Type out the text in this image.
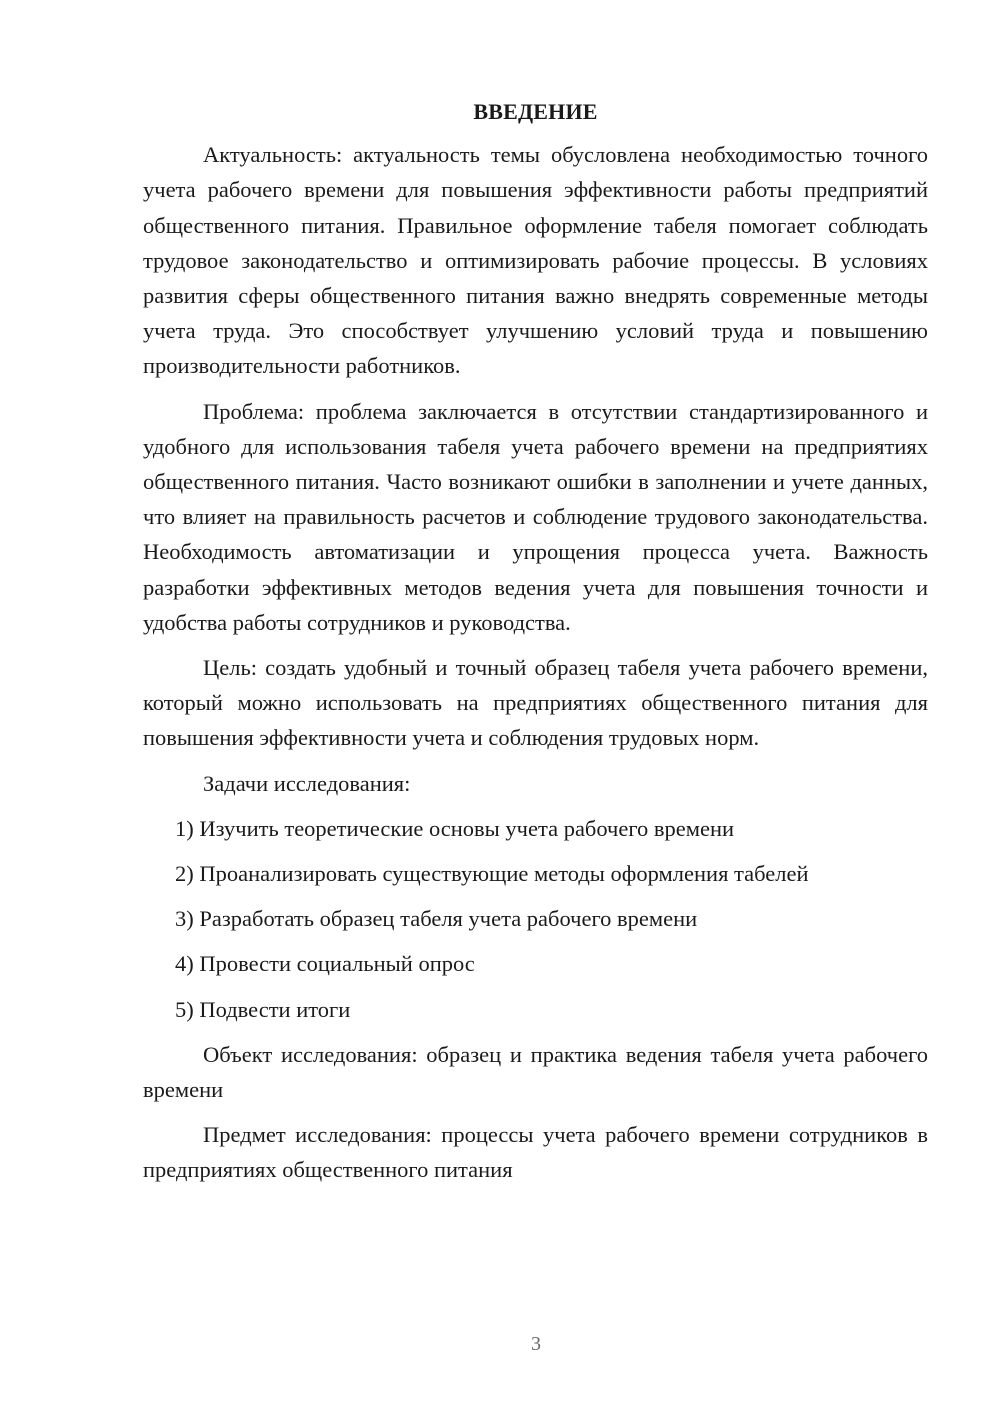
ВВЕДЕНИЕ

Актуальность: актуальность темы обусловлена необходимостью точного учета рабочего времени для повышения эффективности работы предприятий общественного питания. Правильное оформление табеля помогает соблюдать трудовое законодательство и оптимизировать рабочие процессы. В условиях развития сферы общественного питания важно внедрять современные методы учета труда. Это способствует улучшению условий труда и повышению производительности работников.

Проблема: проблема заключается в отсутствии стандартизированного и удобного для использования табеля учета рабочего времени на предприятиях общественного питания. Часто возникают ошибки в заполнении и учете данных, что влияет на правильность расчетов и соблюдение трудового законодательства. Необходимость автоматизации и упрощения процесса учета. Важность разработки эффективных методов ведения учета для повышения точности и удобства работы сотрудников и руководства.

Цель: создать удобный и точный образец табеля учета рабочего времени, который можно использовать на предприятиях общественного питания для повышения эффективности учета и соблюдения трудовых норм.

Задачи исследования:

1) Изучить теоретические основы учета рабочего времени
2) Проанализировать существующие методы оформления табелей
3) Разработать образец табеля учета рабочего времени
4) Провести социальный опрос
5) Подвести итоги

Объект исследования: образец и практика ведения табеля учета рабочего времени

Предмет исследования: процессы учета рабочего времени сотрудников в предприятиях общественного питания

3
